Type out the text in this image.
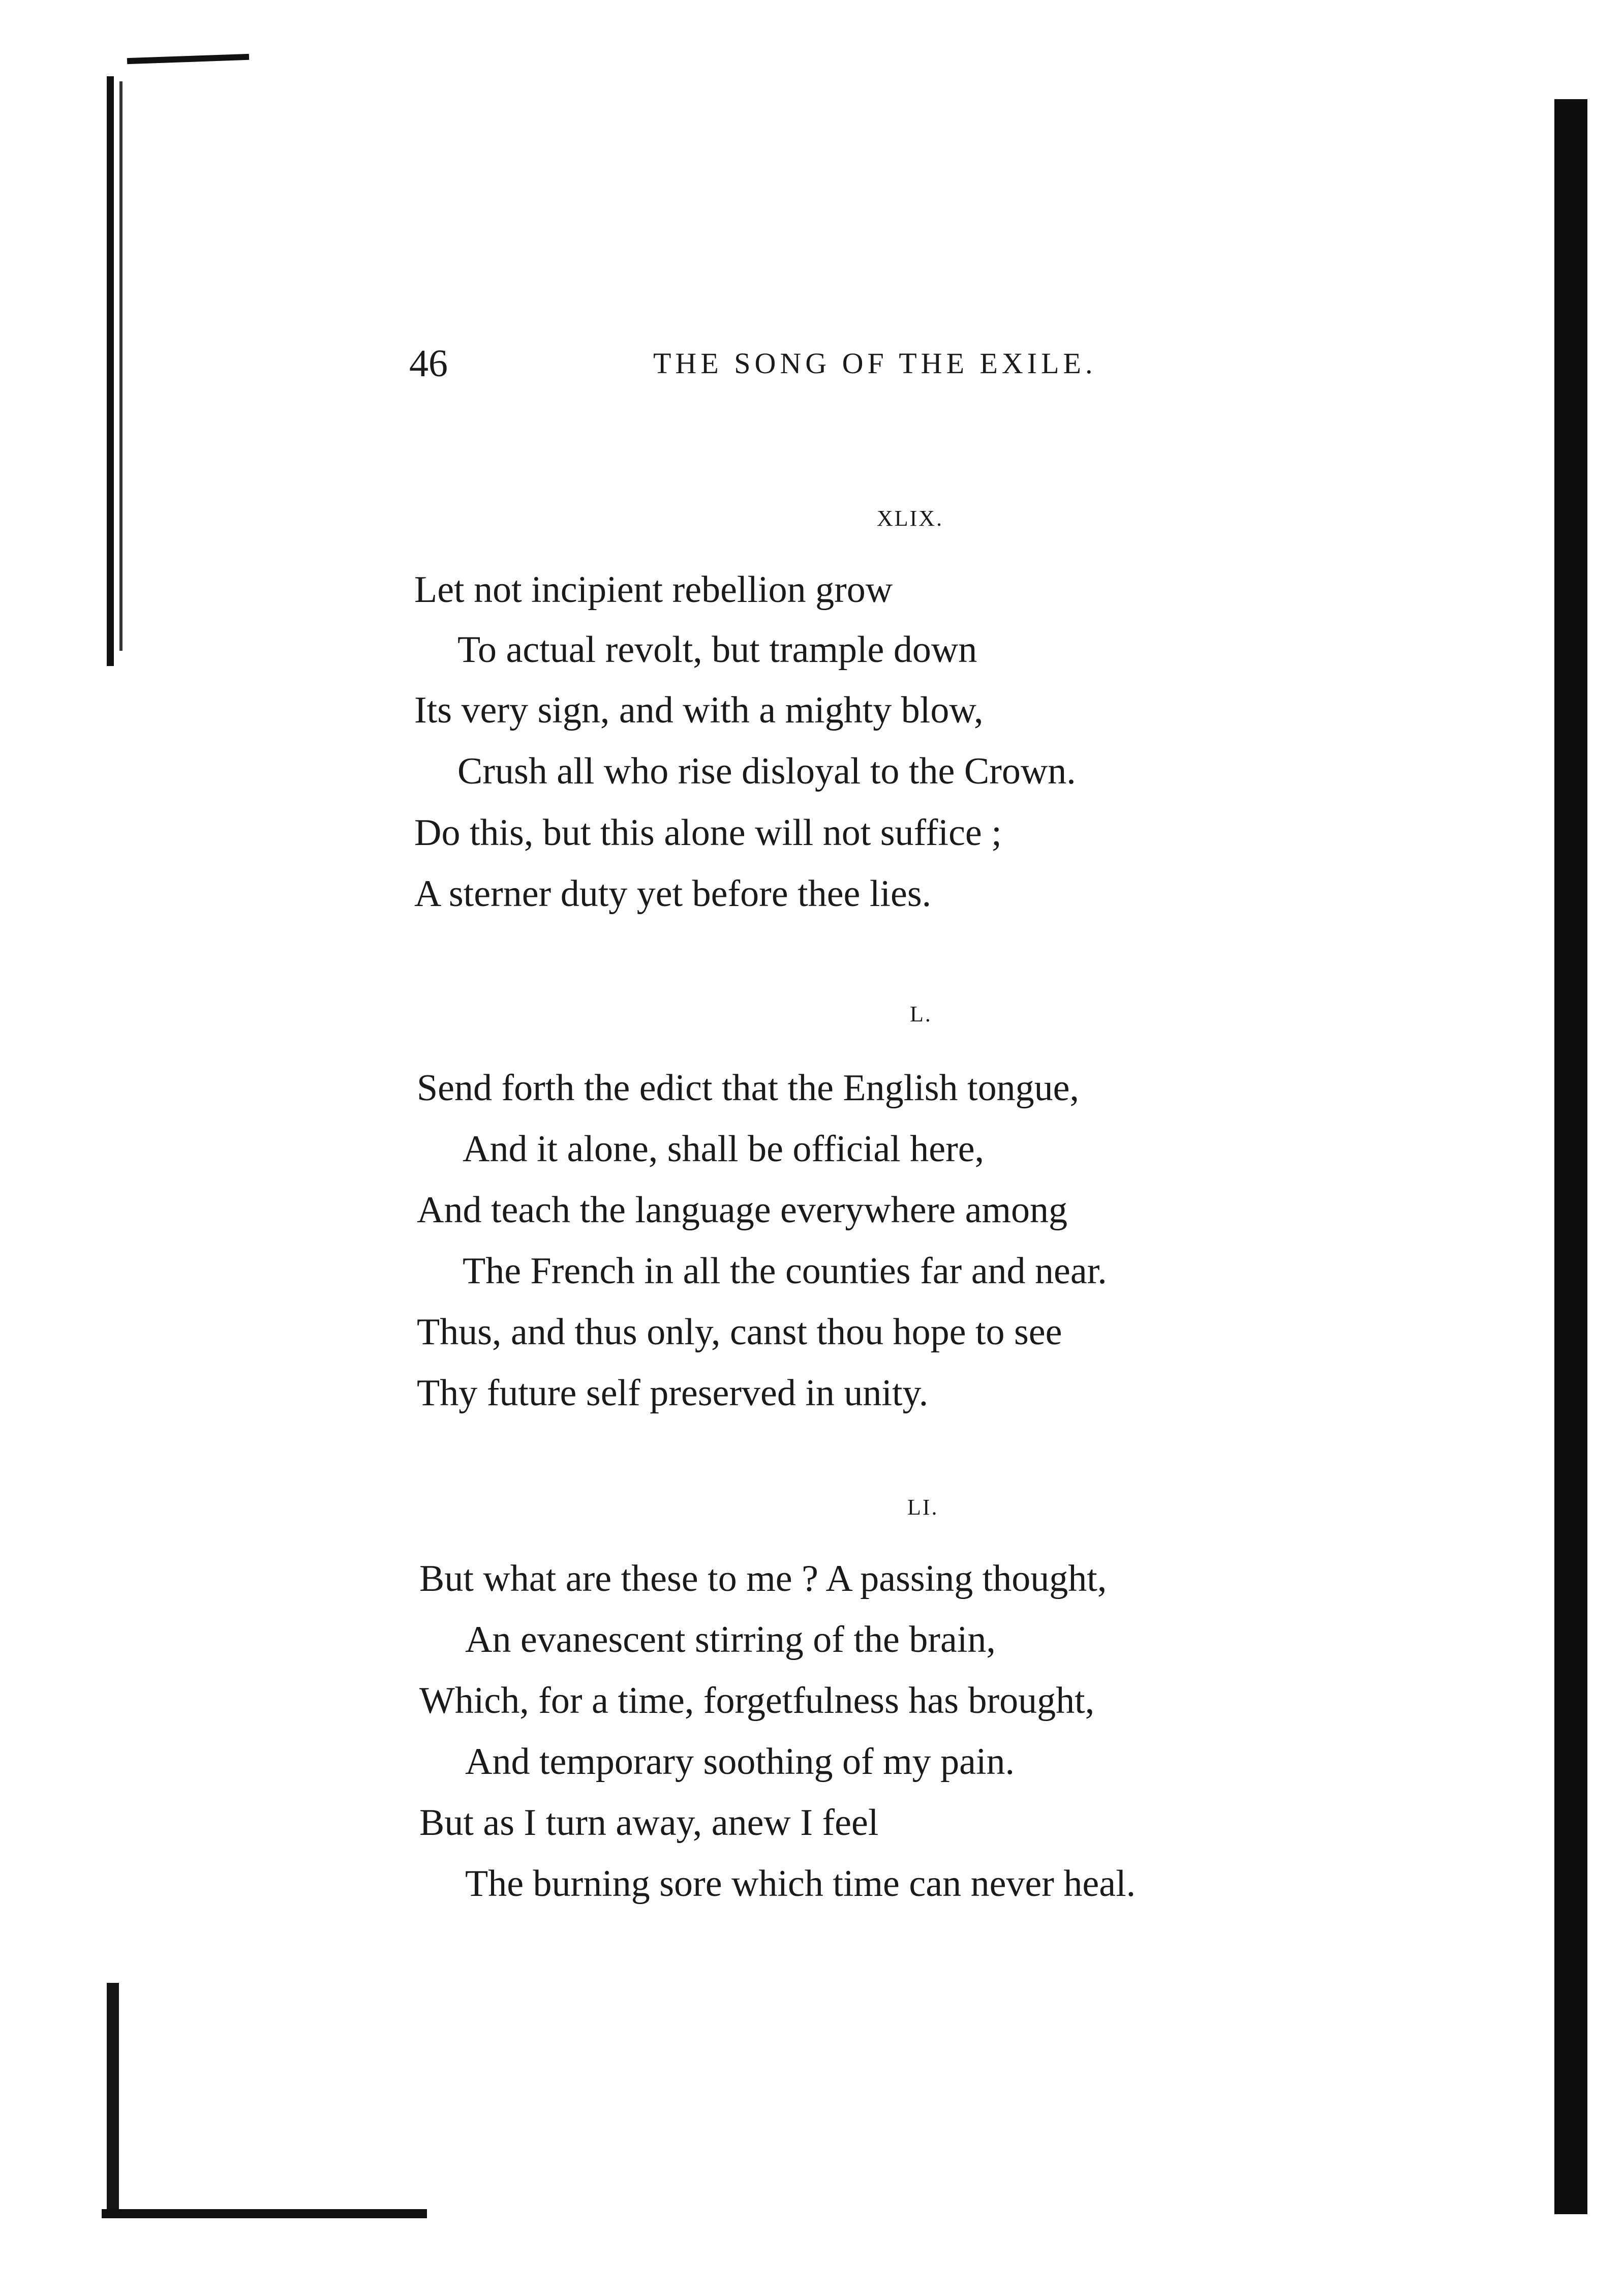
46	THE SONG OF THE EXILE.
XLIX.
Let not incipient rebellion grow
To actual revolt, but trample down
Its very sign, and with a mighty blow,
Crush all who rise disloyal to the Crown.
Do this, but this alone will not suffice ;
A sterner duty yet before thee lies.
L.
Send forth the edict that the English tongue,
And it alone, shall be official here,
And teach the language everywhere among
The French in all the counties far and near.
Thus, and thus only, canst thou hope to see
Thy future self preserved in unity.
LI.
But what are these to me ? A passing thought,
An evanescent stirring of the brain,
Which, for a time, forgetfulness has brought,
And temporary soothing of my pain.
But as I turn away, anew I feel
The burning sore which time can never heal.
